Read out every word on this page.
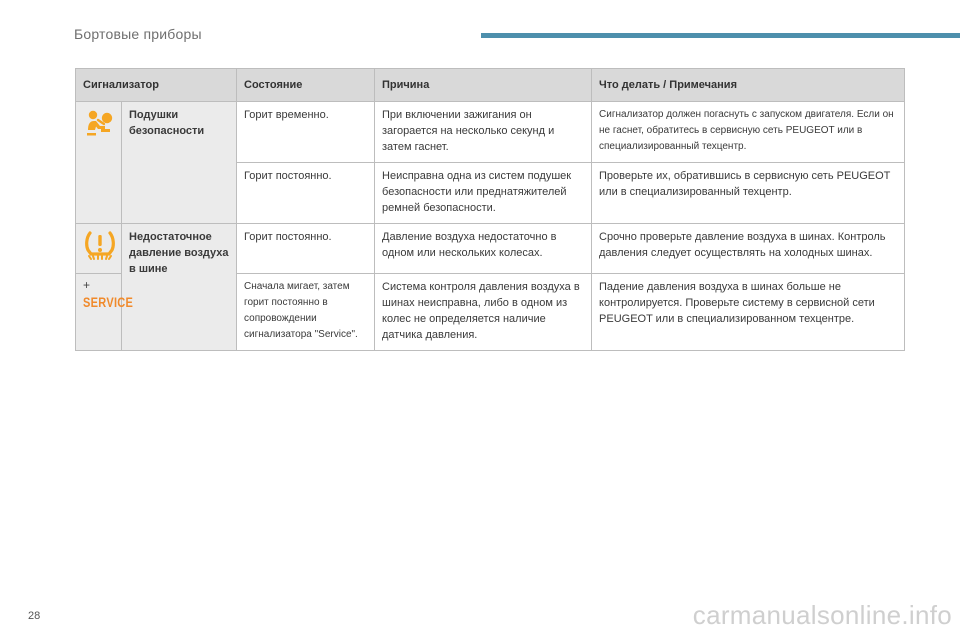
Бортовые приборы
Сигнализатор		Состояние	Причина	Что делать / Примечания
	Подушки безопасности	Горит временно.	При включении зажигания он загорается на несколько секунд и затем гаснет.	Сигнализатор должен погаснуть с запуском двигателя. Если он не гаснет, обратитесь в сервисную сеть PEUGEOT или в специализированный техцентр.
		Горит постоянно.	Неисправна одна из систем подушек безопасности или преднатяжителей ремней безопасности.	Проверьте их, обратившись в сервисную сеть PEUGEOT или в специализированный техцентр.
	Недостаточное давление воздуха в шине	Горит постоянно.	Давление воздуха недостаточно в одном или нескольких колесах.	Срочно проверьте давление воздуха в шинах. Контроль давления следует осуществлять на холодных шинах.

+
SERVICE		Сначала мигает, затем горит постоянно в сопровождении сигнализатора "Service".	Система контроля давления воздуха в шинах неисправна, либо в одном из колес не определяется наличие датчика давления.	Падение давления воздуха в шинах больше не контролируется. Проверьте систему в сервисной сети PEUGEOT или в специализированном техцентре.
28	carmanualsonline.info
